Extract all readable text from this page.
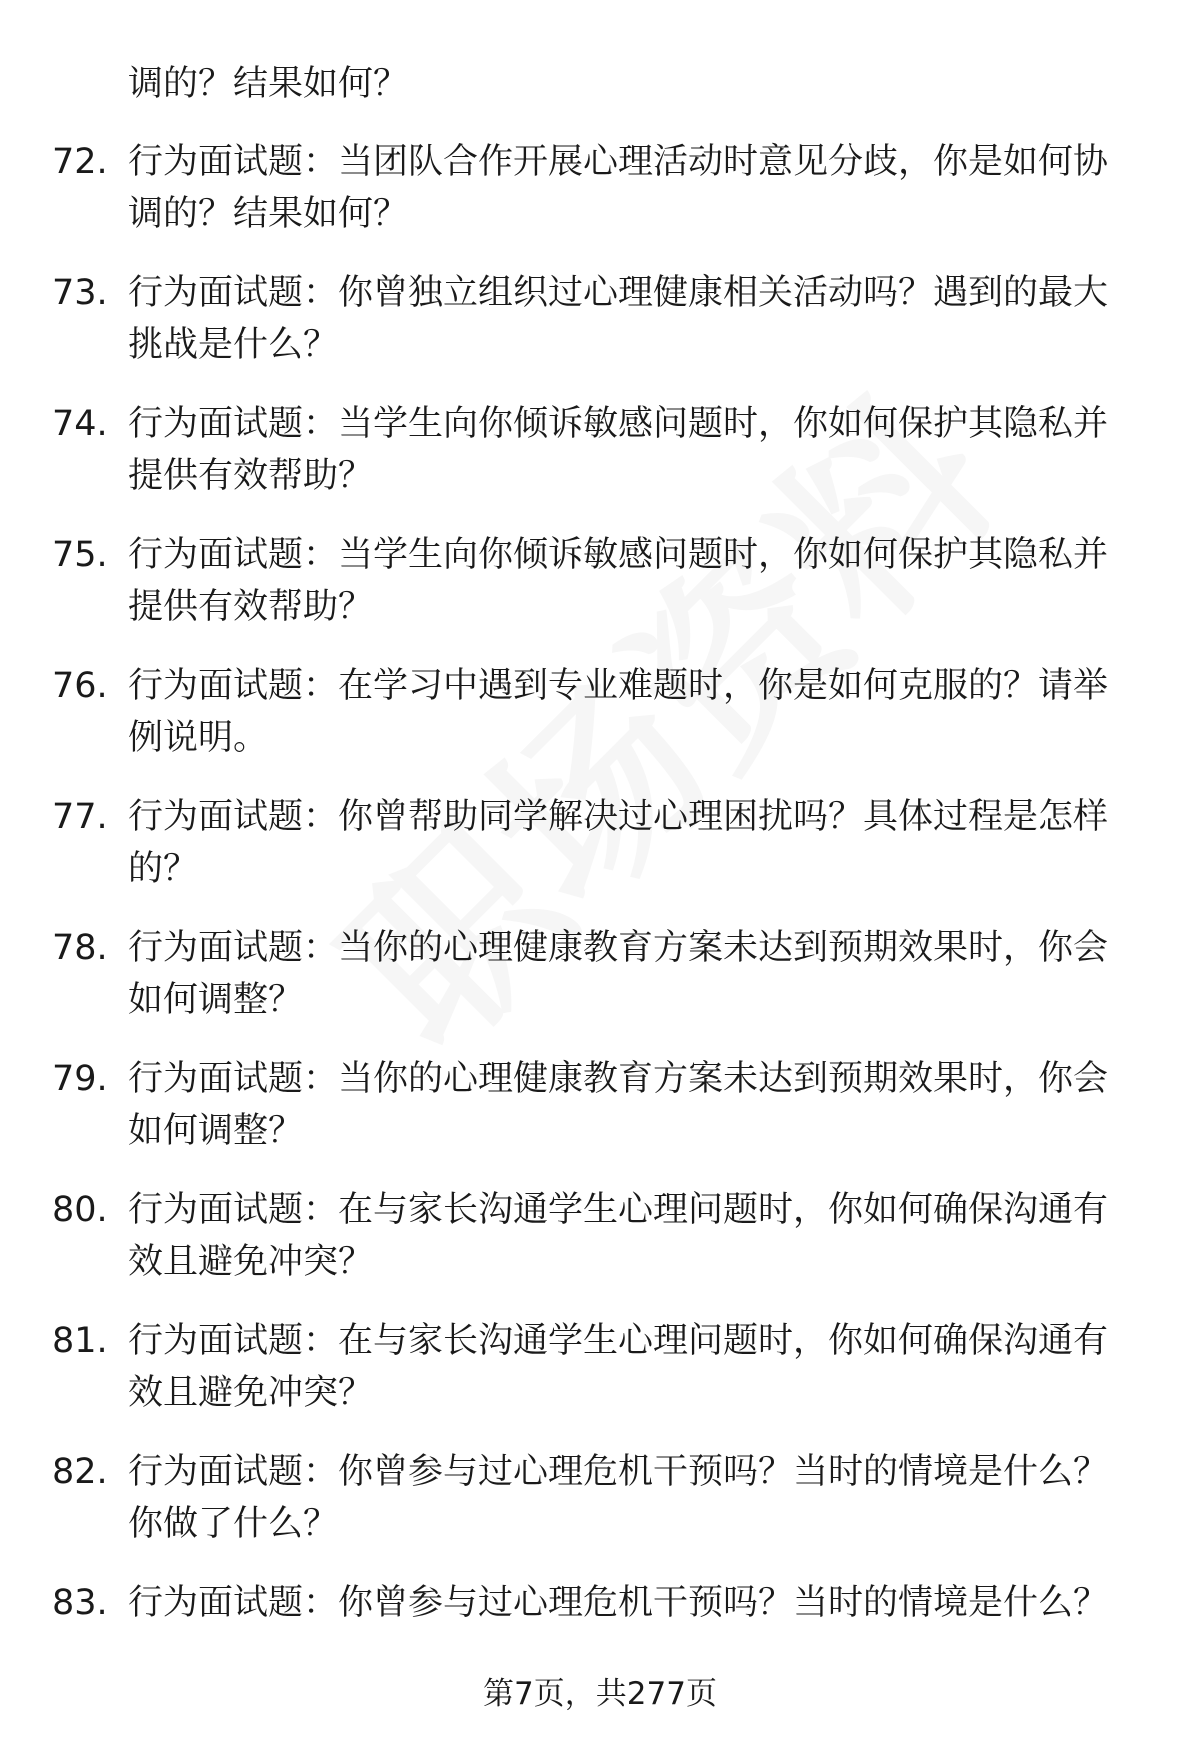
调的？结果如何？
72. 行为面试题：当团队合作开展心理活动时意见分歧，你是如何协
调的？结果如何？
73. 行为面试题：你曾独立组织过心理健康相关活动吗？遇到的最大
挑战是什么？
74. 行为面试题：当学生向你倾诉敏感问题时，你如何保护其隐私并
提供有效帮助？
75. 行为面试题：当学生向你倾诉敏感问题时，你如何保护其隐私并
提供有效帮助？
76. 行为面试题：在学习中遇到专业难题时，你是如何克服的？请举
例说明。
77. 行为面试题：你曾帮助同学解决过心理困扰吗？具体过程是怎样
的？
78. 行为面试题：当你的心理健康教育方案未达到预期效果时，你会
如何调整？
79. 行为面试题：当你的心理健康教育方案未达到预期效果时，你会
如何调整？
80. 行为面试题：在与家长沟通学生心理问题时，你如何确保沟通有
效且避免冲突？
81. 行为面试题：在与家长沟通学生心理问题时，你如何确保沟通有
效且避免冲突？
82. 行为面试题：你曾参与过心理危机干预吗？当时的情境是什么？
你做了什么？
83. 行为面试题：你曾参与过心理危机干预吗？当时的情境是什么？
第7页，共277页
